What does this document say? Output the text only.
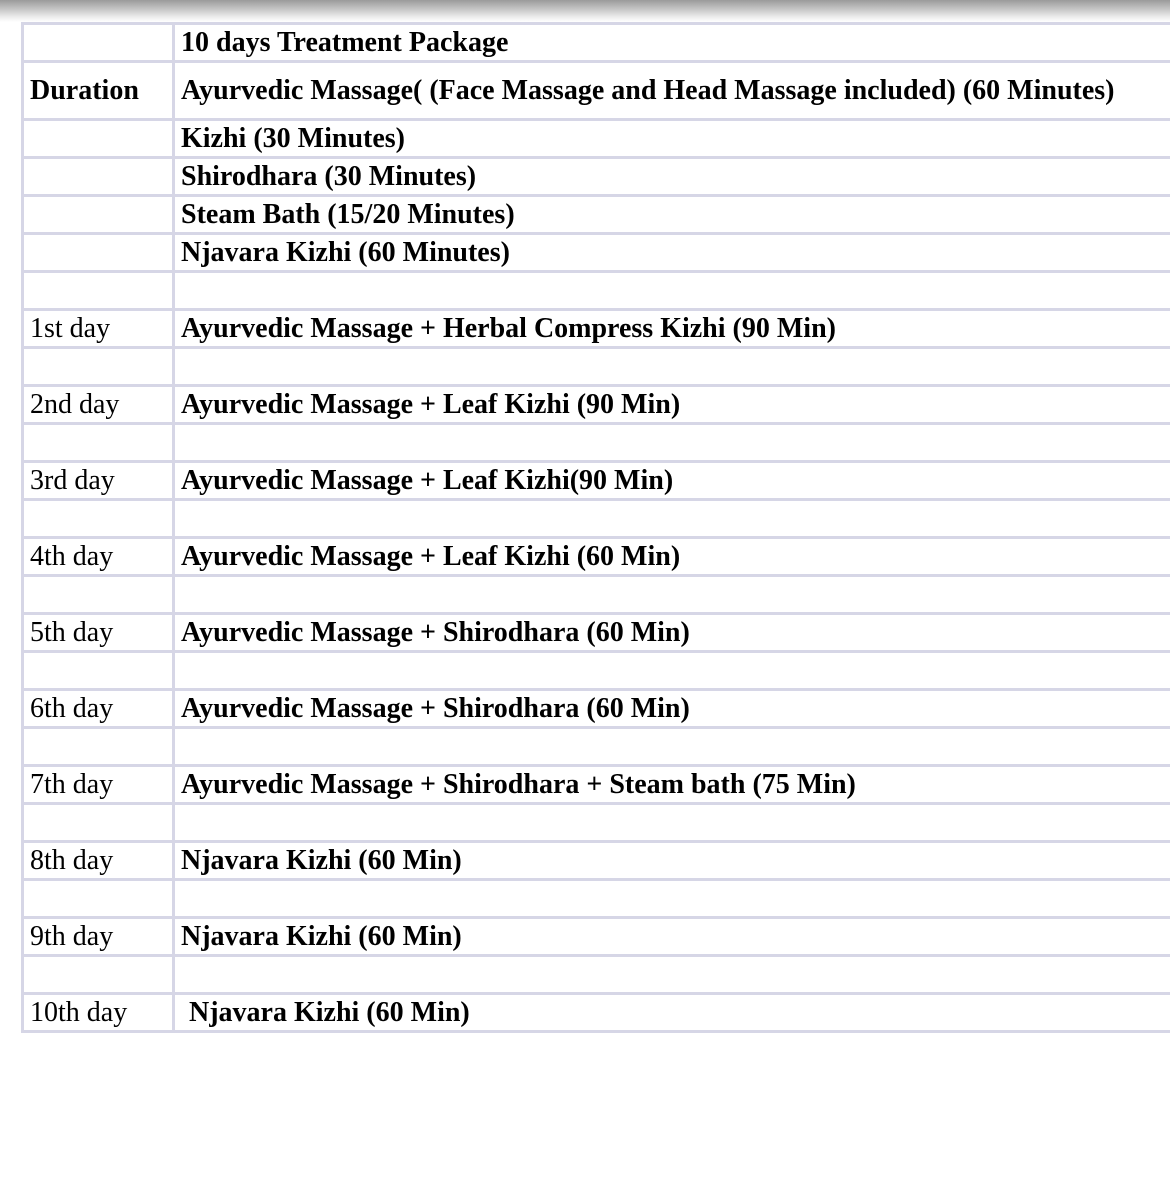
	10 days Treatment Package
Duration	Ayurvedic Massage( (Face Massage and Head Massage included) (60 Minutes)
	Kizhi (30 Minutes)
	Shirodhara (30 Minutes)
	Steam Bath (15/20 Minutes)
	Njavara Kizhi (60 Minutes)

1st day	Ayurvedic Massage + Herbal Compress Kizhi (90 Min)

2nd day	Ayurvedic Massage + Leaf Kizhi (90 Min)

3rd day	Ayurvedic Massage + Leaf Kizhi(90 Min)

4th day	Ayurvedic Massage + Leaf Kizhi (60 Min)

5th day	Ayurvedic Massage + Shirodhara (60 Min)

6th day	Ayurvedic Massage + Shirodhara (60 Min)

7th day	Ayurvedic Massage + Shirodhara + Steam bath (75 Min)

8th day	Njavara Kizhi (60 Min)

9th day	Njavara Kizhi (60 Min)

10th day	Njavara Kizhi (60 Min)
